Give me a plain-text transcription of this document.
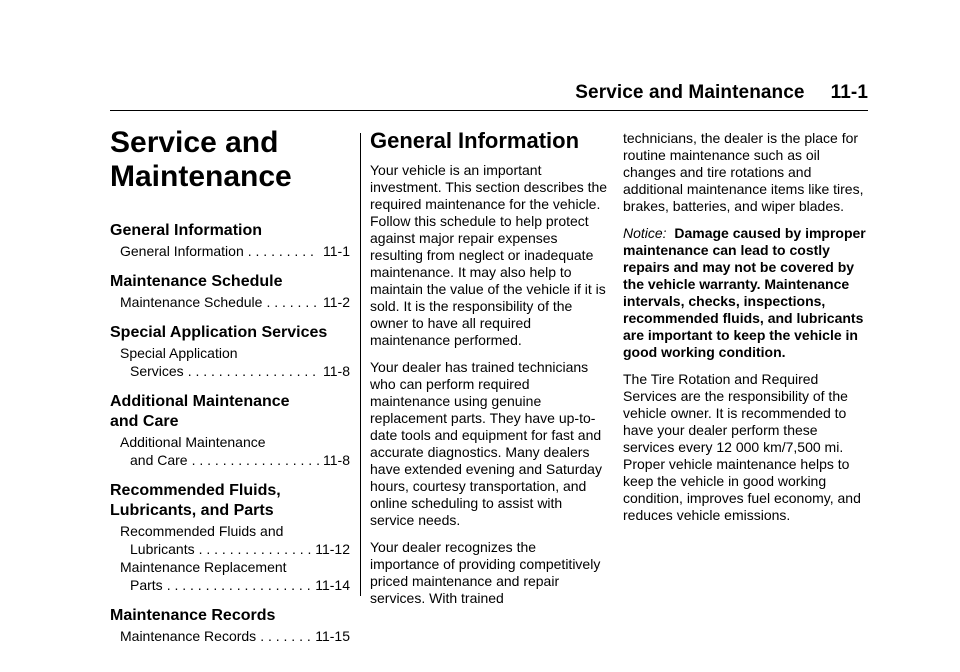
Service and Maintenance 11-1
Service and
Maintenance
General Information
General Information . . .	11-1
Maintenance Schedule
Maintenance Schedule . . .	11-2
Special Application Services
Special Application
Services . . .	11-8
Additional Maintenance
and Care
Additional Maintenance
and Care . . .	11-8
Recommended Fluids,
Lubricants, and Parts
Recommended Fluids and
Lubricants . . .	11-12
Maintenance Replacement
Parts . . .	11-14
Maintenance Records
Maintenance Records . . .	11-15
General Information

Your vehicle is an important investment. This section describes the required maintenance for the vehicle. Follow this schedule to help protect against major repair expenses resulting from neglect or inadequate maintenance. It may also help to maintain the value of the vehicle if it is sold. It is the responsibility of the owner to have all required maintenance performed.

Your dealer has trained technicians who can perform required maintenance using genuine replacement parts. They have up-to-date tools and equipment for fast and accurate diagnostics. Many dealers have extended evening and Saturday hours, courtesy transportation, and online scheduling to assist with service needs.

Your dealer recognizes the importance of providing competitively priced maintenance and repair services. With trained

technicians, the dealer is the place for routine maintenance such as oil changes and tire rotations and additional maintenance items like tires, brakes, batteries, and wiper blades.

Notice: Damage caused by improper maintenance can lead to costly repairs and may not be covered by the vehicle warranty. Maintenance intervals, checks, inspections, recommended fluids, and lubricants are important to keep the vehicle in good working condition.

The Tire Rotation and Required Services are the responsibility of the vehicle owner. It is recommended to have your dealer perform these services every 12 000 km/7,500 mi. Proper vehicle maintenance helps to keep the vehicle in good working condition, improves fuel economy, and reduces vehicle emissions.
